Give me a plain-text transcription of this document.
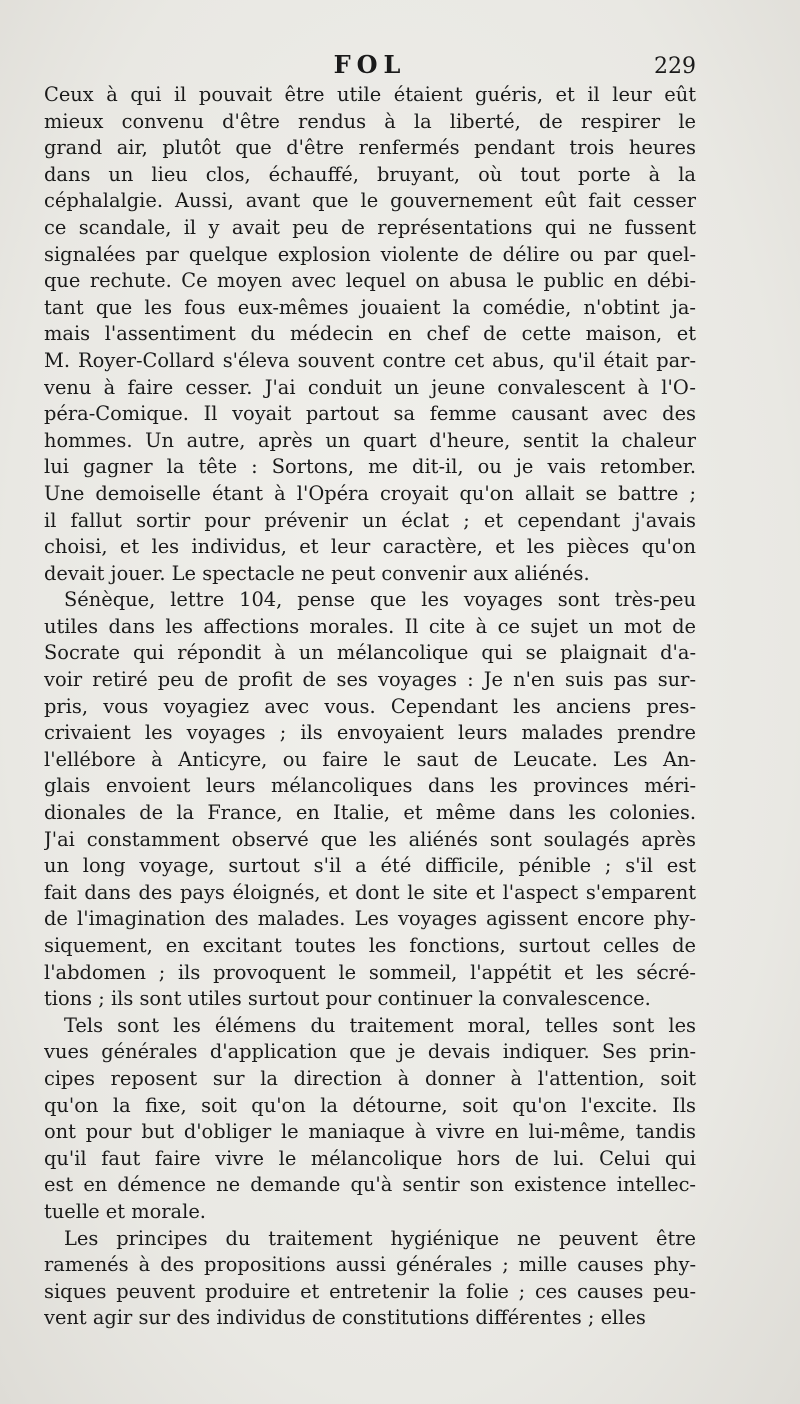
FOL	229
Ceux à qui il pouvait être utile étaient guéris, et il leur eût
mieux convenu d'être rendus à la liberté, de respirer le
grand air, plutôt que d'être renfermés pendant trois heures
dans un lieu clos, échauffé, bruyant, où tout porte à la
céphalalgie. Aussi, avant que le gouvernement eût fait cesser
ce scandale, il y avait peu de représentations qui ne fussent
signalées par quelque explosion violente de délire ou par quel-
que rechute. Ce moyen avec lequel on abusa le public en débi-
tant que les fous eux-mêmes jouaient la comédie, n'obtint ja-
mais l'assentiment du médecin en chef de cette maison, et
M. Royer-Collard s'éleva souvent contre cet abus, qu'il était par-
venu à faire cesser. J'ai conduit un jeune convalescent à l'O-
péra-Comique. Il voyait partout sa femme causant avec des
hommes. Un autre, après un quart d'heure, sentit la chaleur
lui gagner la tête : Sortons, me dit-il, ou je vais retomber.
Une demoiselle étant à l'Opéra croyait qu'on allait se battre ;
il fallut sortir pour prévenir un éclat ; et cependant j'avais
choisi, et les individus, et leur caractère, et les pièces qu'on
devait jouer. Le spectacle ne peut convenir aux aliénés.
Sénèque, lettre 104, pense que les voyages sont très-peu
utiles dans les affections morales. Il cite à ce sujet un mot de
Socrate qui répondit à un mélancolique qui se plaignait d'a-
voir retiré peu de profit de ses voyages : Je n'en suis pas sur-
pris, vous voyagiez avec vous. Cependant les anciens pres-
crivaient les voyages ; ils envoyaient leurs malades prendre
l'ellébore à Anticyre, ou faire le saut de Leucate. Les An-
glais envoient leurs mélancoliques dans les provinces méri-
dionales de la France, en Italie, et même dans les colonies.
J'ai constamment observé que les aliénés sont soulagés après
un long voyage, surtout s'il a été difficile, pénible ; s'il est
fait dans des pays éloignés, et dont le site et l'aspect s'emparent
de l'imagination des malades. Les voyages agissent encore phy-
siquement, en excitant toutes les fonctions, surtout celles de
l'abdomen ; ils provoquent le sommeil, l'appétit et les sécré-
tions ; ils sont utiles surtout pour continuer la convalescence.
Tels sont les élémens du traitement moral, telles sont les
vues générales d'application que je devais indiquer. Ses prin-
cipes reposent sur la direction à donner à l'attention, soit
qu'on la fixe, soit qu'on la détourne, soit qu'on l'excite. Ils
ont pour but d'obliger le maniaque à vivre en lui-même, tandis
qu'il faut faire vivre le mélancolique hors de lui. Celui qui
est en démence ne demande qu'à sentir son existence intellec-
tuelle et morale.
Les principes du traitement hygiénique ne peuvent être
ramenés à des propositions aussi générales ; mille causes phy-
siques peuvent produire et entretenir la folie ; ces causes peu-
vent agir sur des individus de constitutions différentes ; elles
